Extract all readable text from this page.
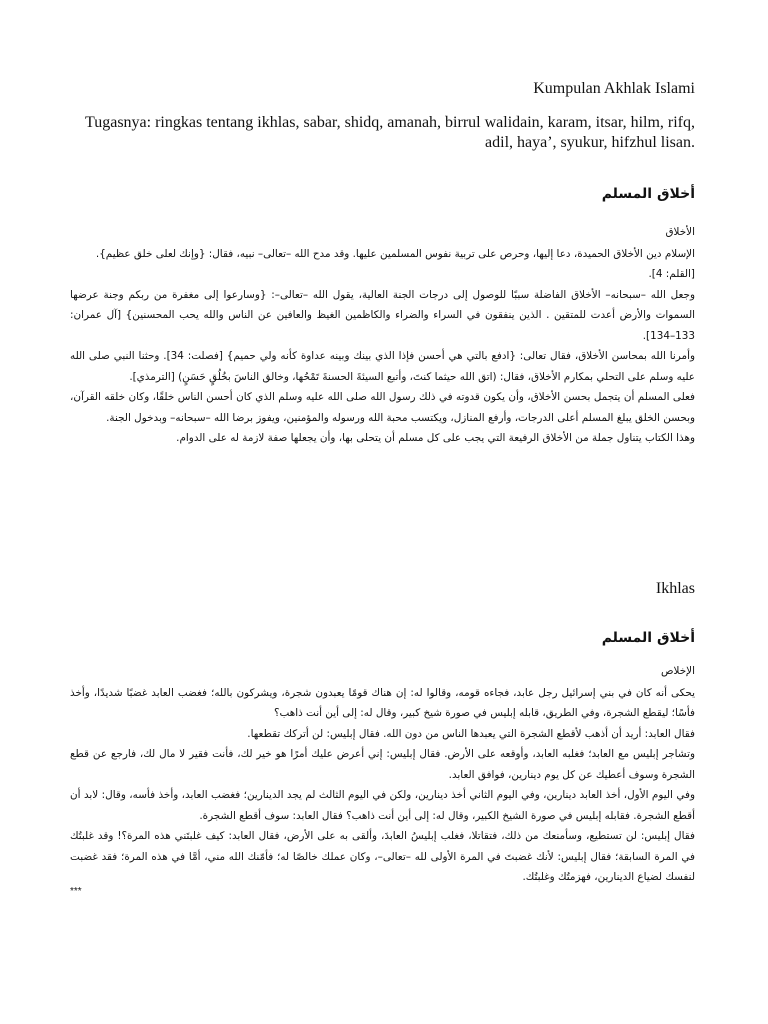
Kumpulan Akhlak Islami
Tugasnya: ringkas tentang ikhlas, sabar, shidq, amanah, birrul walidain, karam, itsar, hilm, rifq, adil, haya’, syukur, hifzhul lisan.
أخلاق المسلم

الأخلاق

الإسلام دين الأخلاق الحميدة، دعا إليها، وحرص على تربية نفوس المسلمين عليها. وقد مدح الله –تعالى– نبيه، فقال: {وإنك لعلى خلق عظيم}.

[القلم: 4].

وجعل الله –سبحانه– الأخلاق الفاضلة سببًا للوصول إلى درجات الجنة العالية، يقول الله –تعالى–: {وسارعوا إلى مغفرة من ربكم وجنة عرضها السموات والأرض أعدت للمتقين . الذين ينفقون في السراء والضراء والكاظمين الغيظ والعافين عن الناس والله يحب المحسنين} [آل عمران: 133–134].

وأمرنا الله بمحاسن الأخلاق، فقال تعالى: {ادفع بالتي هي أحسن فإذا الذي بينك وبينه عداوة كأنه ولي حميم} [فصلت: 34]. وحثنا النبي صلى الله عليه وسلم على التحلي بمكارم الأخلاق، فقال: (اتق الله حيثما كنتَ، وأتبع السيئةَ الحسنةَ تَمْحُها، وخالق الناسَ بخُلُقٍ حَسَنٍ) [الترمذي].

فعلى المسلم أن يتجمل بحسن الأخلاق، وأن يكون قدوته في ذلك رسول الله صلى الله عليه وسلم الذي كان أحسن الناس خلقًا، وكان خلقه القرآن، وبحسن الخلق يبلغ المسلم أعلى الدرجات، وأرفع المنازل، ويكتسب محبة الله ورسوله والمؤمنين، ويفوز برضا الله –سبحانه– وبدخول الجنة.

وهذا الكتاب يتناول جملة من الأخلاق الرفيعة التي يجب على كل مسلم أن يتحلى بها، وأن يجعلها صفة لازمة له على الدوام.

Ikhlas
أخلاق المسلم

الإخلاص

يحكى أنه كان في بني إسرائيل رجل عابد، فجاءه قومه، وقالوا له: إن هناك قومًا يعبدون شجرة، ويشركون بالله؛ فغضب العابد غضبًا شديدًا، وأخذ فأسًا؛ ليقطع الشجرة، وفي الطريق، قابله إبليس في صورة شيخ كبير، وقال له: إلى أين أنت ذاهب؟

فقال العابد: أريد أن أذهب لأقطع الشجرة التي يعبدها الناس من دون الله. فقال إبليس: لن أتركك تقطعها.

وتشاجر إبليس مع العابد؛ فغلبه العابد، وأوقعه على الأرض. فقال إبليس: إني أعرض عليك أمرًا هو خير لك، فأنت فقير لا مال لك، فارجع عن قطع الشجرة وسوف أعطيك عن كل يوم دينارين، فوافق العابد.

وفي اليوم الأول، أخذ العابد دينارين، وفي اليوم الثاني أخذ دينارين، ولكن في اليوم الثالث لم يجد الدينارين؛ فغضب العابد، وأخذ فأسه، وقال: لابد أن أقطع الشجرة. فقابله إبليس في صورة الشيخ الكبير، وقال له: إلى أين أنت ذاهب؟ فقال العابد: سوف أقطع الشجرة.

فقال إبليس: لن تستطيع، وسأمنعك من ذلك، فتقاتلا، فغلب إبليسُ العابدَ، وألقى به على الأرض، فقال العابد: كيف غلبتَني هذه المرة؟! وقد غلبتُك في المرة السابقة؛ فقال إبليس: لأنك غضبتَ في المرة الأولى لله –تعالى–، وكان عملك خالصًا له؛ فأمّنك الله مني، أمَّا في هذه المرة؛ فقد غضبت لنفسك لضياع الدينارين، فهزمتُك وغلبتُك.

***
